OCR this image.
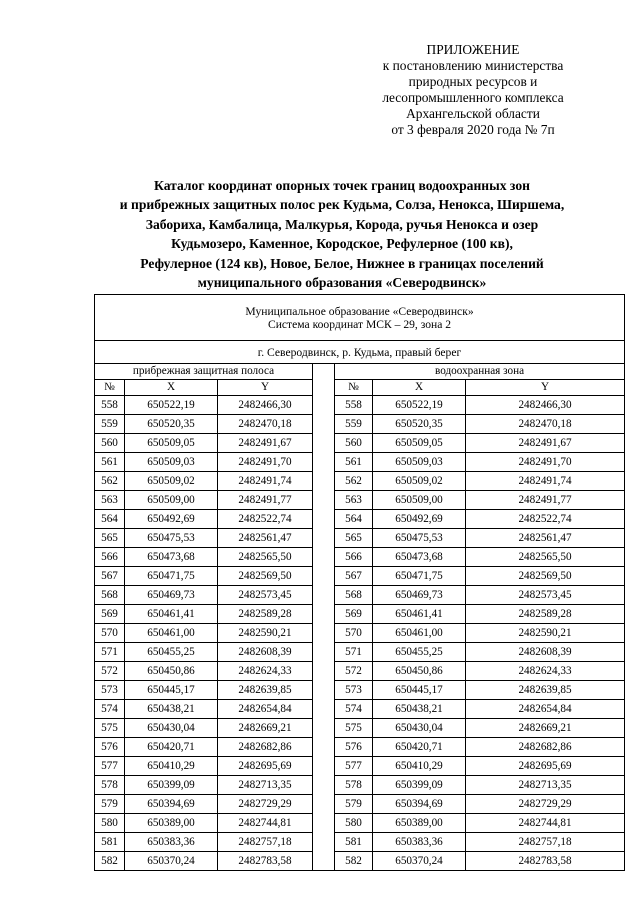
ПРИЛОЖЕНИЕ
к постановлению министерства
природных ресурсов и
лесопромышленного комплекса
Архангельской области
от 3 февраля 2020 года № 7п
Каталог координат опорных точек границ водоохранных зон
и прибрежных защитных полос рек Кудьма, Солза, Ненокса, Ширшема,
Забориха, Камбалица, Малкурья, Корода, ручья Ненокса и озер
Кудьмозеро, Каменное, Кородское, Рефулерное (100 кв),
Рефулерное (124 кв), Новое, Белое, Нижнее в границах поселений
муниципального образования «Северодвинск»
Муниципальное образование «Северодвинск»
Система координат МСК – 29, зона 2						

г. Северодвинск, р. Кудьма, правый берег						
прибрежная защитная полоса				водоохранная зона		
№	X	Y		№	X	Y
558	650522,19	2482466,30		558	650522,19	2482466,30
559	650520,35	2482470,18		559	650520,35	2482470,18
560	650509,05	2482491,67		560	650509,05	2482491,67
561	650509,03	2482491,70		561	650509,03	2482491,70
562	650509,02	2482491,74		562	650509,02	2482491,74
563	650509,00	2482491,77		563	650509,00	2482491,77
564	650492,69	2482522,74		564	650492,69	2482522,74
565	650475,53	2482561,47		565	650475,53	2482561,47
566	650473,68	2482565,50		566	650473,68	2482565,50
567	650471,75	2482569,50		567	650471,75	2482569,50
568	650469,73	2482573,45		568	650469,73	2482573,45
569	650461,41	2482589,28		569	650461,41	2482589,28
570	650461,00	2482590,21		570	650461,00	2482590,21
571	650455,25	2482608,39		571	650455,25	2482608,39
572	650450,86	2482624,33		572	650450,86	2482624,33
573	650445,17	2482639,85		573	650445,17	2482639,85
574	650438,21	2482654,84		574	650438,21	2482654,84
575	650430,04	2482669,21		575	650430,04	2482669,21
576	650420,71	2482682,86		576	650420,71	2482682,86
577	650410,29	2482695,69		577	650410,29	2482695,69
578	650399,09	2482713,35		578	650399,09	2482713,35
579	650394,69	2482729,29		579	650394,69	2482729,29
580	650389,00	2482744,81		580	650389,00	2482744,81
581	650383,36	2482757,18		581	650383,36	2482757,18
582	650370,24	2482783,58		582	650370,24	2482783,58
